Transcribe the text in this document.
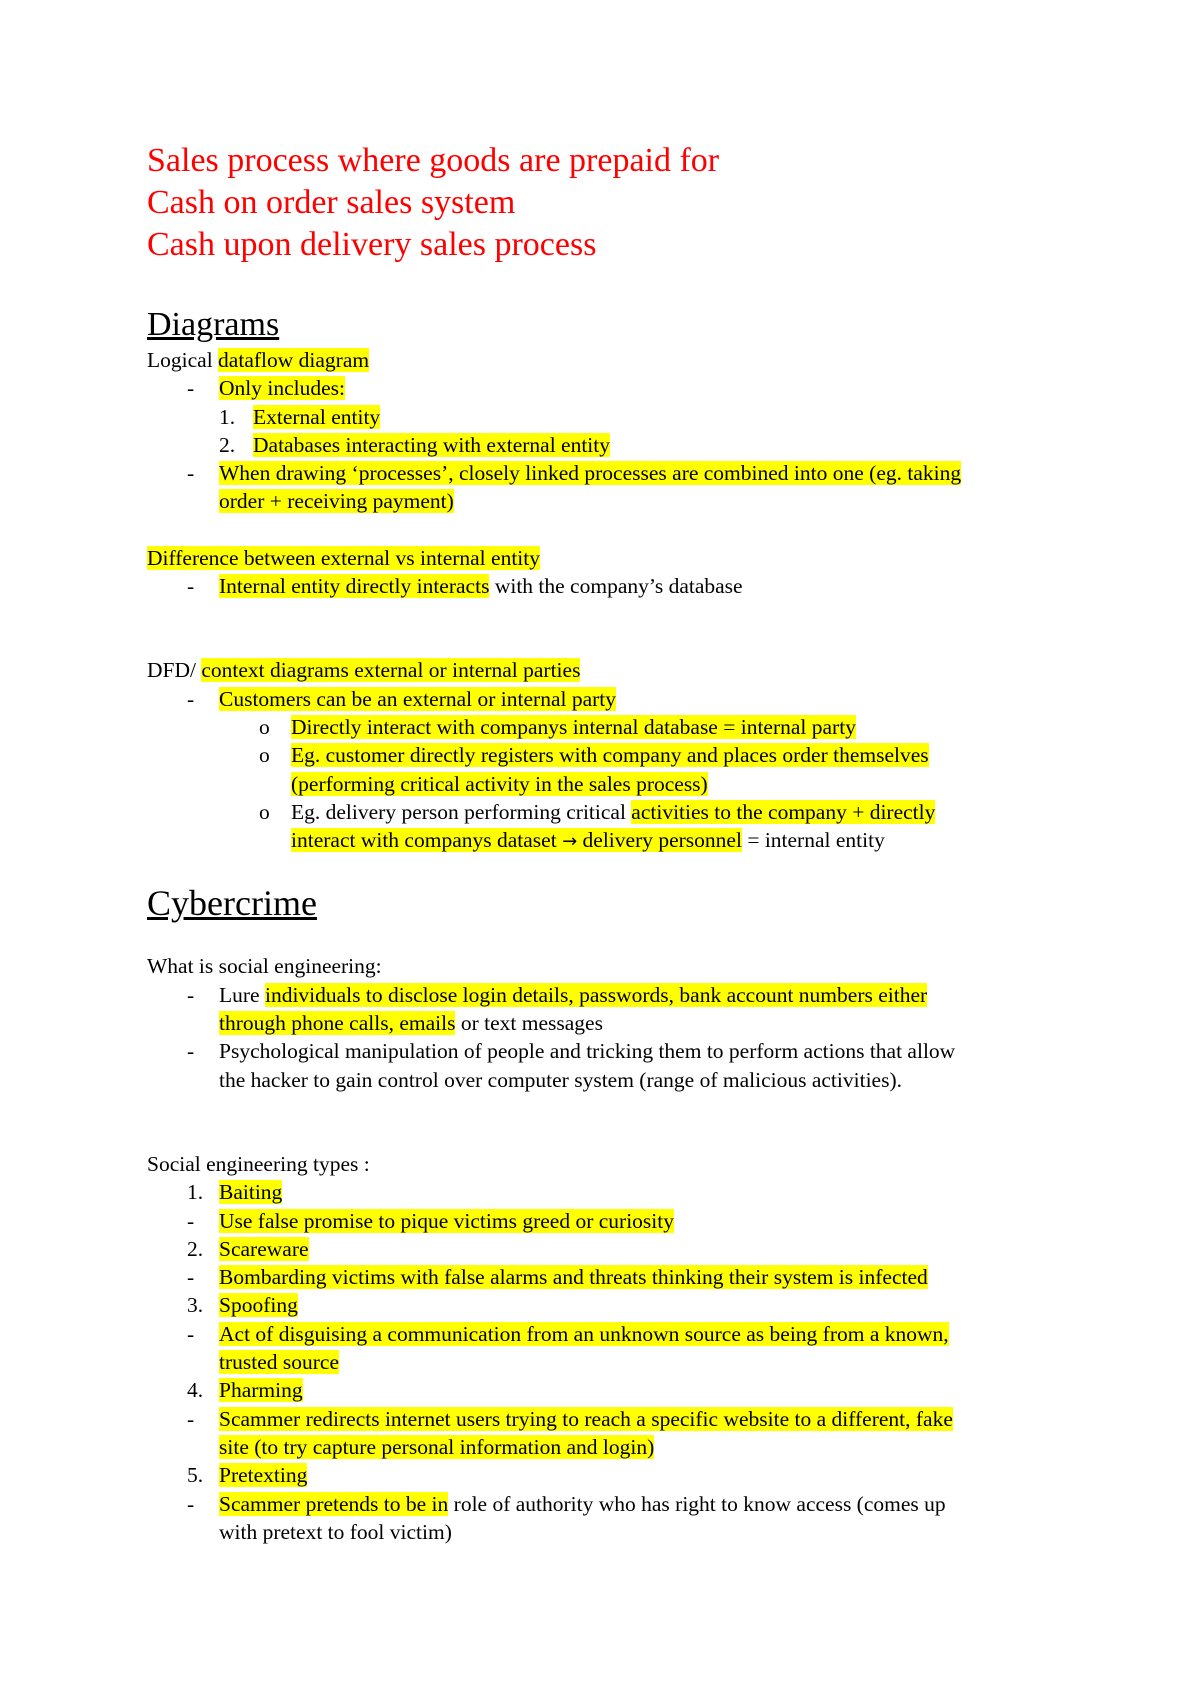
Sales process where goods are prepaid for

Cash on order sales system

Cash upon delivery sales process

Diagrams

Logical dataflow diagram
- Only includes:
1. External entity
2. Databases interacting with external entity
- When drawing ‘processes’, closely linked processes are combined into one (eg. taking
order + receiving payment)
Difference between external vs internal entity
- Internal entity directly interacts with the company’s database
DFD/ context diagrams external or internal parties
- Customers can be an external or internal party
o Directly interact with companys internal database = internal party
o Eg. customer directly registers with company and places order themselves
(performing critical activity in the sales process)
o Eg. delivery person performing critical activities to the company + directly
interact with companys dataset → delivery personnel = internal entity

Cybercrime

What is social engineering:
- Lure individuals to disclose login details, passwords, bank account numbers either
through phone calls, emails or text messages
- Psychological manipulation of people and tricking them to perform actions that allow
the hacker to gain control over computer system (range of malicious activities).
Social engineering types :
1. Baiting
- Use false promise to pique victims greed or curiosity
2. Scareware
- Bombarding victims with false alarms and threats thinking their system is infected
3. Spoofing
- Act of disguising a communication from an unknown source as being from a known,
trusted source
4. Pharming
- Scammer redirects internet users trying to reach a specific website to a different, fake
site (to try capture personal information and login)
5. Pretexting
- Scammer pretends to be in role of authority who has right to know access (comes up
with pretext to fool victim)
